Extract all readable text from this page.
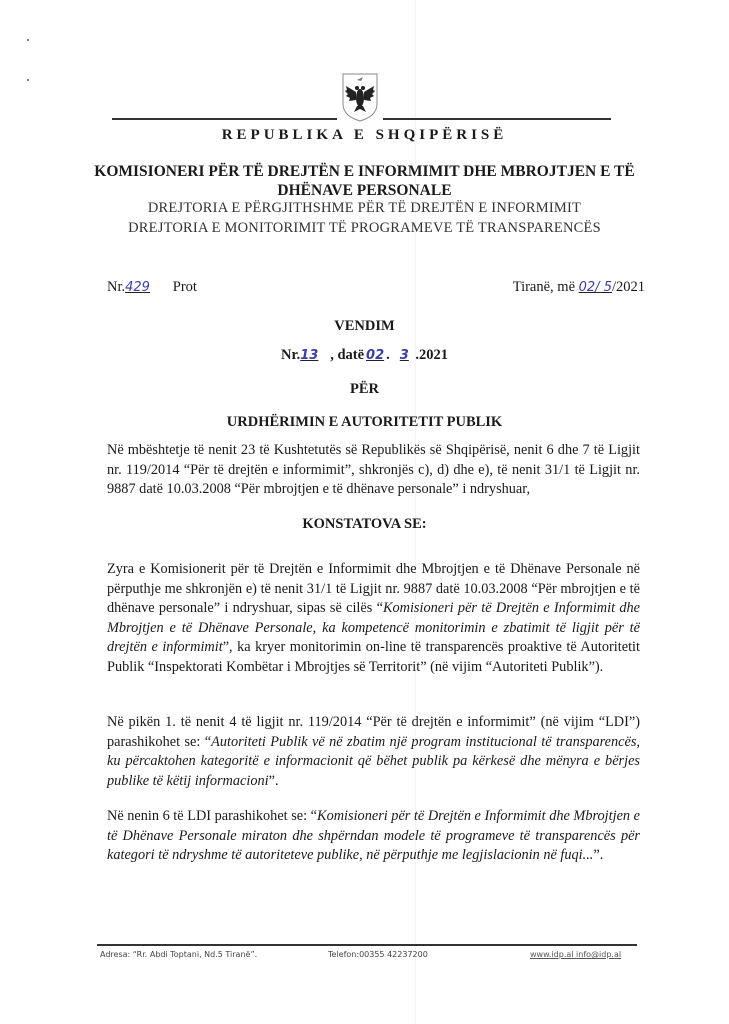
REPUBLIKA E SHQIPËRISË
KOMISIONERI PËR TË DREJTËN E INFORMIMIT DHE MBROJTJEN E TË DHËNAVE PERSONALE
DREJTORIA E PËRGJITHSHME PËR TË DREJTËN E INFORMIMIT
DREJTORIA E MONITORIMIT TË PROGRAMEVE TË TRANSPARENCËS
Nr.429 Prot	Tiranë, më 02/ 5/2021
VENDIM
Nr.13 , datë 02 . 3 .2021
PËR
URDHËRIMIN E AUTORITETIT PUBLIK
Në mbështetje të nenit 23 të Kushtetutës së Republikës së Shqipërisë, nenit 6 dhe 7 të Ligjit nr. 119/2014 “Për të drejtën e informimit”, shkronjës c), d) dhe e), të nenit 31/1 të Ligjit nr. 9887 datë 10.03.2008 “Për mbrojtjen e të dhënave personale” i ndryshuar,
KONSTATOVA SE:
Zyra e Komisionerit për të Drejtën e Informimit dhe Mbrojtjen e të Dhënave Personale në përputhje me shkronjën e) të nenit 31/1 të Ligjit nr. 9887 datë 10.03.2008 “Për mbrojtjen e të dhënave personale” i ndryshuar, sipas së cilës “Komisioneri për të Drejtën e Informimit dhe Mbrojtjen e të Dhënave Personale, ka kompetencë monitorimin e zbatimit të ligjit për të drejtën e informimit”, ka kryer monitorimin on-line të transparencës proaktive të Autoritetit Publik “Inspektorati Kombëtar i Mbrojtjes së Territorit” (në vijim “Autoriteti Publik”).
Në pikën 1. të nenit 4 të ligjit nr. 119/2014 “Për të drejtën e informimit” (në vijim “LDI”) parashikohet se: “Autoriteti Publik vë në zbatim një program institucional të transparencës, ku përcaktohen kategoritë e informacionit që bëhet publik pa kërkesë dhe mënyra e bërjes publike të këtij informacioni”.
Në nenin 6 të LDI parashikohet se: “Komisioneri për të Drejtën e Informimit dhe Mbrojtjen e të Dhënave Personale miraton dhe shpërndan modele të programeve të transparencës për kategori të ndryshme të autoriteteve publike, në përputhje me legjislacionin në fuqi...”.
Adresa: “Rr. Abdi Toptani, Nd.5 Tiranë”.	Telefon:00355 42237200	www.idp.al info@idp.al
